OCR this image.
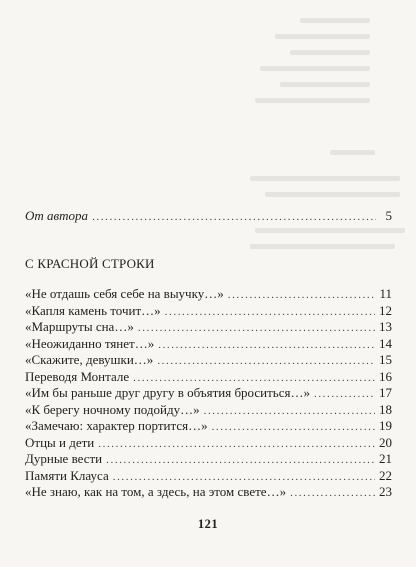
От автора .....	5
С КРАСНОЙ СТРОКИ
«Не отдашь себя себе на выучку…» .....	11
«Капля камень точит…» .....	12
«Маршруты сна…» .....	13
«Неожиданно тянет…» .....	14
«Скажите, девушки…» .....	15
Переводя Монтале .....	16
«Им бы раньше друг другу в объятия броситься…» .....	17
«К берегу ночному подойду…» .....	18
«Замечаю: характер портится…» .....	19
Отцы и дети .....	20
Дурные вести .....	21
Памяти Клауса .....	22
«Не знаю, как на том, а здесь, на этом свете…» .....	23
121
